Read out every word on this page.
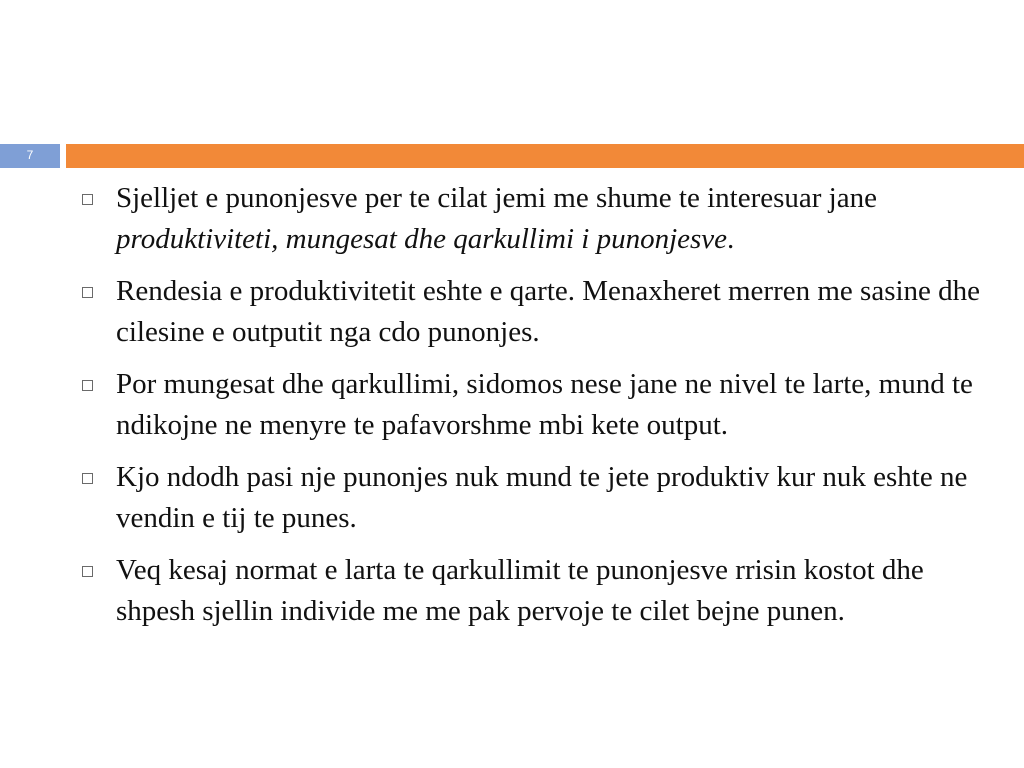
7
Sjelljet e punonjesve per te cilat jemi me shume te interesuar jane produktiviteti, mungesat dhe qarkullimi i punonjesve.
Rendesia e produktivitetit eshte e qarte. Menaxheret merren me sasine dhe cilesine e outputit nga cdo punonjes.
Por mungesat dhe qarkullimi, sidomos nese jane ne nivel te larte, mund te ndikojne ne menyre te pafavorshme mbi kete output.
Kjo ndodh pasi nje punonjes nuk mund te jete produktiv kur nuk eshte ne vendin e tij te punes.
Veq kesaj normat e larta te qarkullimit te punonjesve rrisin kostot dhe shpesh sjellin individe me me pak pervoje te cilet bejne punen.
